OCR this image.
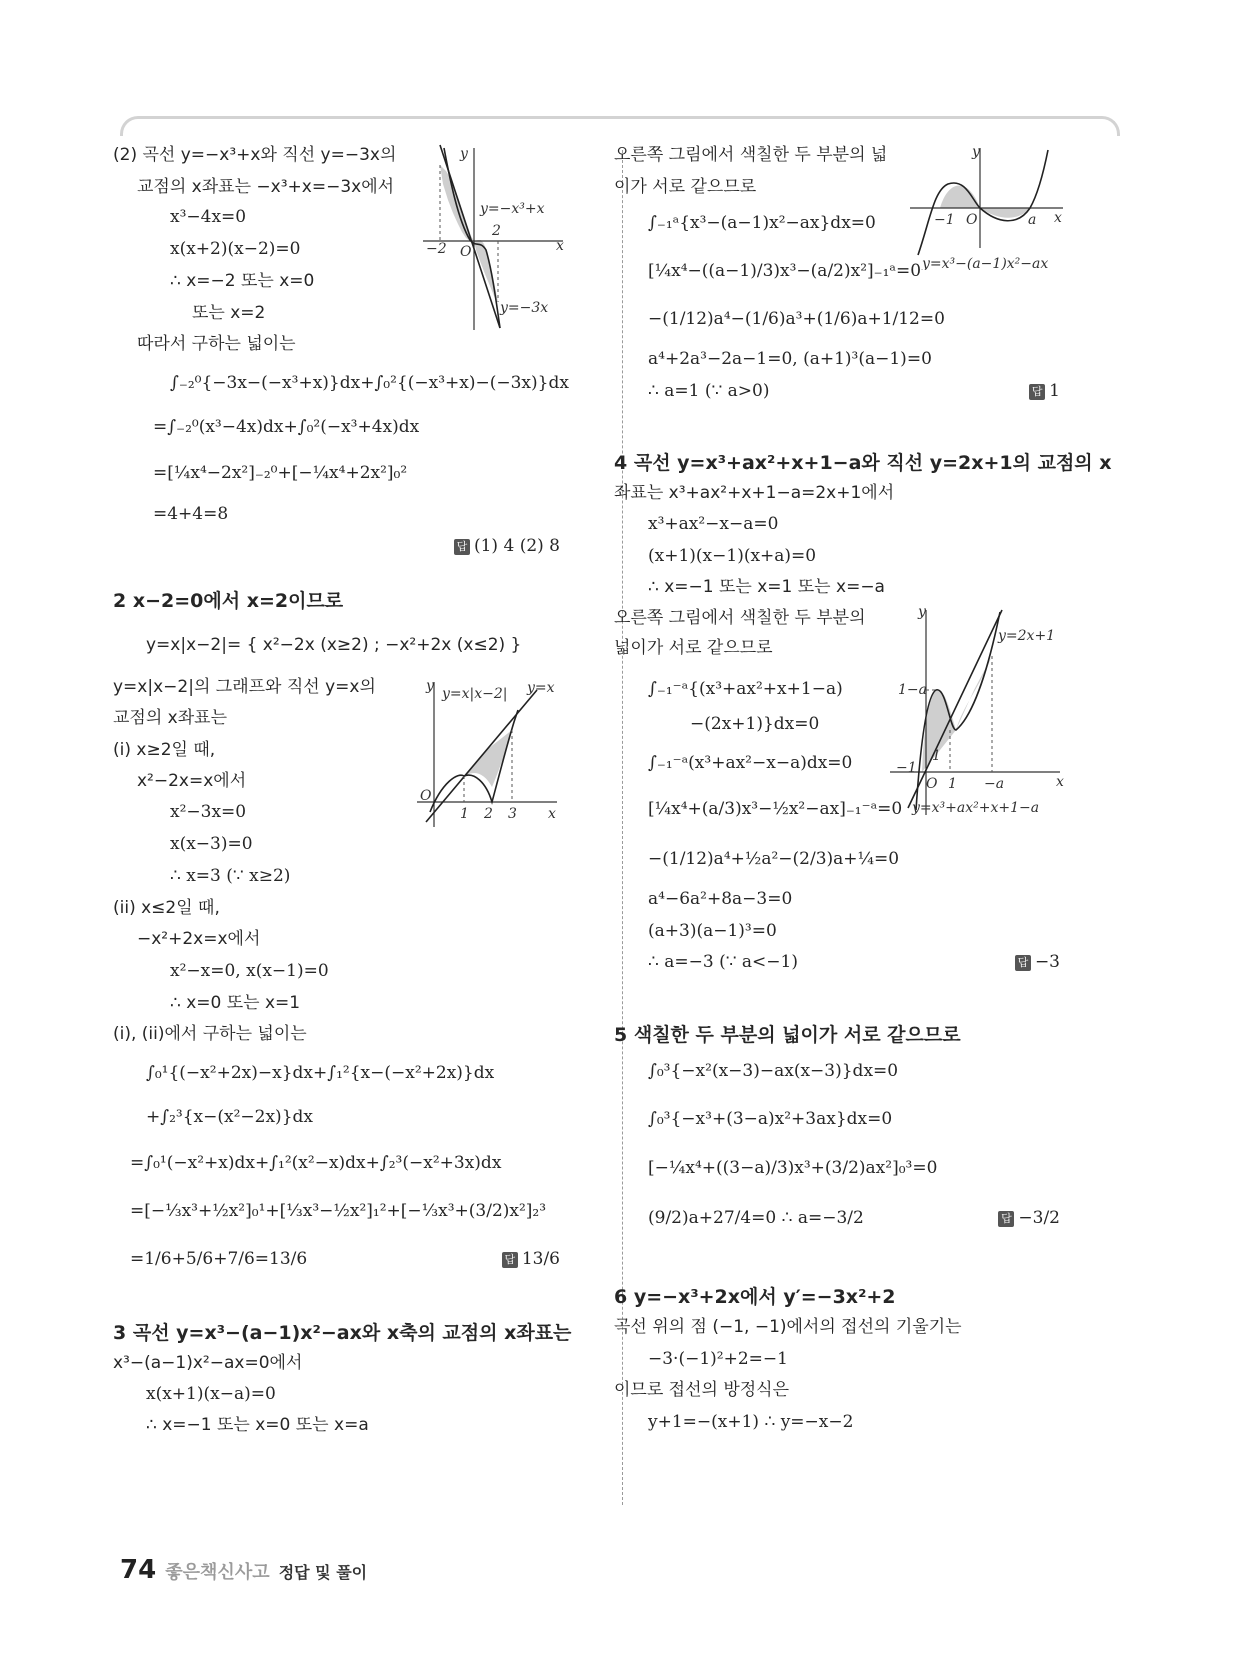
(2) 곡선 y=−x³+x와 직선 y=−3x의
교점의 x좌표는 −x³+x=−3x에서
x³−4x=0
x(x+2)(x−2)=0
∴ x=−2 또는 x=0
또는 x=2
따라서 구하는 넓이는
∫₋₂⁰{−3x−(−x³+x)}dx+∫₀²{(−x³+x)−(−3x)}dx
=∫₋₂⁰(x³−4x)dx+∫₀²(−x³+4x)dx
=[¼x⁴−2x²]₋₂⁰+[−¼x⁴+2x²]₀²
=4+4=8
답 (1) 4 (2) 8
2 x−2=0에서 x=2이므로
y=x|x−2|= { x²−2x (x≥2) ; −x²+2x (x≤2) }
y=x|x−2|의 그래프와 직선 y=x의
교점의 x좌표는
(i) x≥2일 때,
x²−2x=x에서
x²−3x=0
x(x−3)=0
∴ x=3 (∵ x≥2)
(ii) x≤2일 때,
−x²+2x=x에서
x²−x=0, x(x−1)=0
∴ x=0 또는 x=1
(i), (ii)에서 구하는 넓이는
∫₀¹{(−x²+2x)−x}dx+∫₁²{x−(−x²+2x)}dx
+∫₂³{x−(x²−2x)}dx
=∫₀¹(−x²+x)dx+∫₁²(x²−x)dx+∫₂³(−x²+3x)dx
=[−⅓x³+½x²]₀¹+[⅓x³−½x²]₁²+[−⅓x³+(3/2)x²]₂³
=1/6+5/6+7/6=13/6	답 13/6
3 곡선 y=x³−(a−1)x²−ax와 x축의 교점의 x좌표는
x³−(a−1)x²−ax=0에서
x(x+1)(x−a)=0
∴ x=−1 또는 x=0 또는 x=a
오른쪽 그림에서 색칠한 두 부분의 넓
이가 서로 같으므로
∫₋₁ᵃ{x³−(a−1)x²−ax}dx=0
[¼x⁴−((a−1)/3)x³−(a/2)x²]₋₁ᵃ=0
−(1/12)a⁴−(1/6)a³+(1/6)a+1/12=0
a⁴+2a³−2a−1=0, (a+1)³(a−1)=0
∴ a=1 (∵ a>0)	답 1
4 곡선 y=x³+ax²+x+1−a와 직선 y=2x+1의 교점의 x
좌표는 x³+ax²+x+1−a=2x+1에서
x³+ax²−x−a=0
(x+1)(x−1)(x+a)=0
∴ x=−1 또는 x=1 또는 x=−a
오른쪽 그림에서 색칠한 두 부분의
넓이가 서로 같으므로
∫₋₁⁻ᵃ{(x³+ax²+x+1−a)
−(2x+1)}dx=0
∫₋₁⁻ᵃ(x³+ax²−x−a)dx=0
[¼x⁴+(a/3)x³−½x²−ax]₋₁⁻ᵃ=0
−(1/12)a⁴+½a²−(2/3)a+¼=0
a⁴−6a²+8a−3=0
(a+3)(a−1)³=0
∴ a=−3 (∵ a<−1)	답 −3
5 색칠한 두 부분의 넓이가 서로 같으므로
∫₀³{−x²(x−3)−ax(x−3)}dx=0
∫₀³{−x³+(3−a)x²+3ax}dx=0
[−¼x⁴+((3−a)/3)x³+(3/2)ax²]₀³=0
(9/2)a+27/4=0 ∴ a=−3/2	답 −3/2
6 y=−x³+2x에서 y′=−3x²+2
곡선 위의 점 (−1, −1)에서의 접선의 기울기는
−3·(−1)²+2=−1
이므로 접선의 방정식은
y+1=−(x+1) ∴ y=−x−2
y
x
O
−2
2
y=−x³+x
y=−3x
y
x
O
1 2 3
y=x|x−2| y=x
y
x
O
−1	a
y=x³−(a−1)x²−ax
y
x
O
−1
1 −a
1−a
1
y=2x+1
y=x³+ax²+x+1−a
74 좋은책신사고 정답 및 풀이
